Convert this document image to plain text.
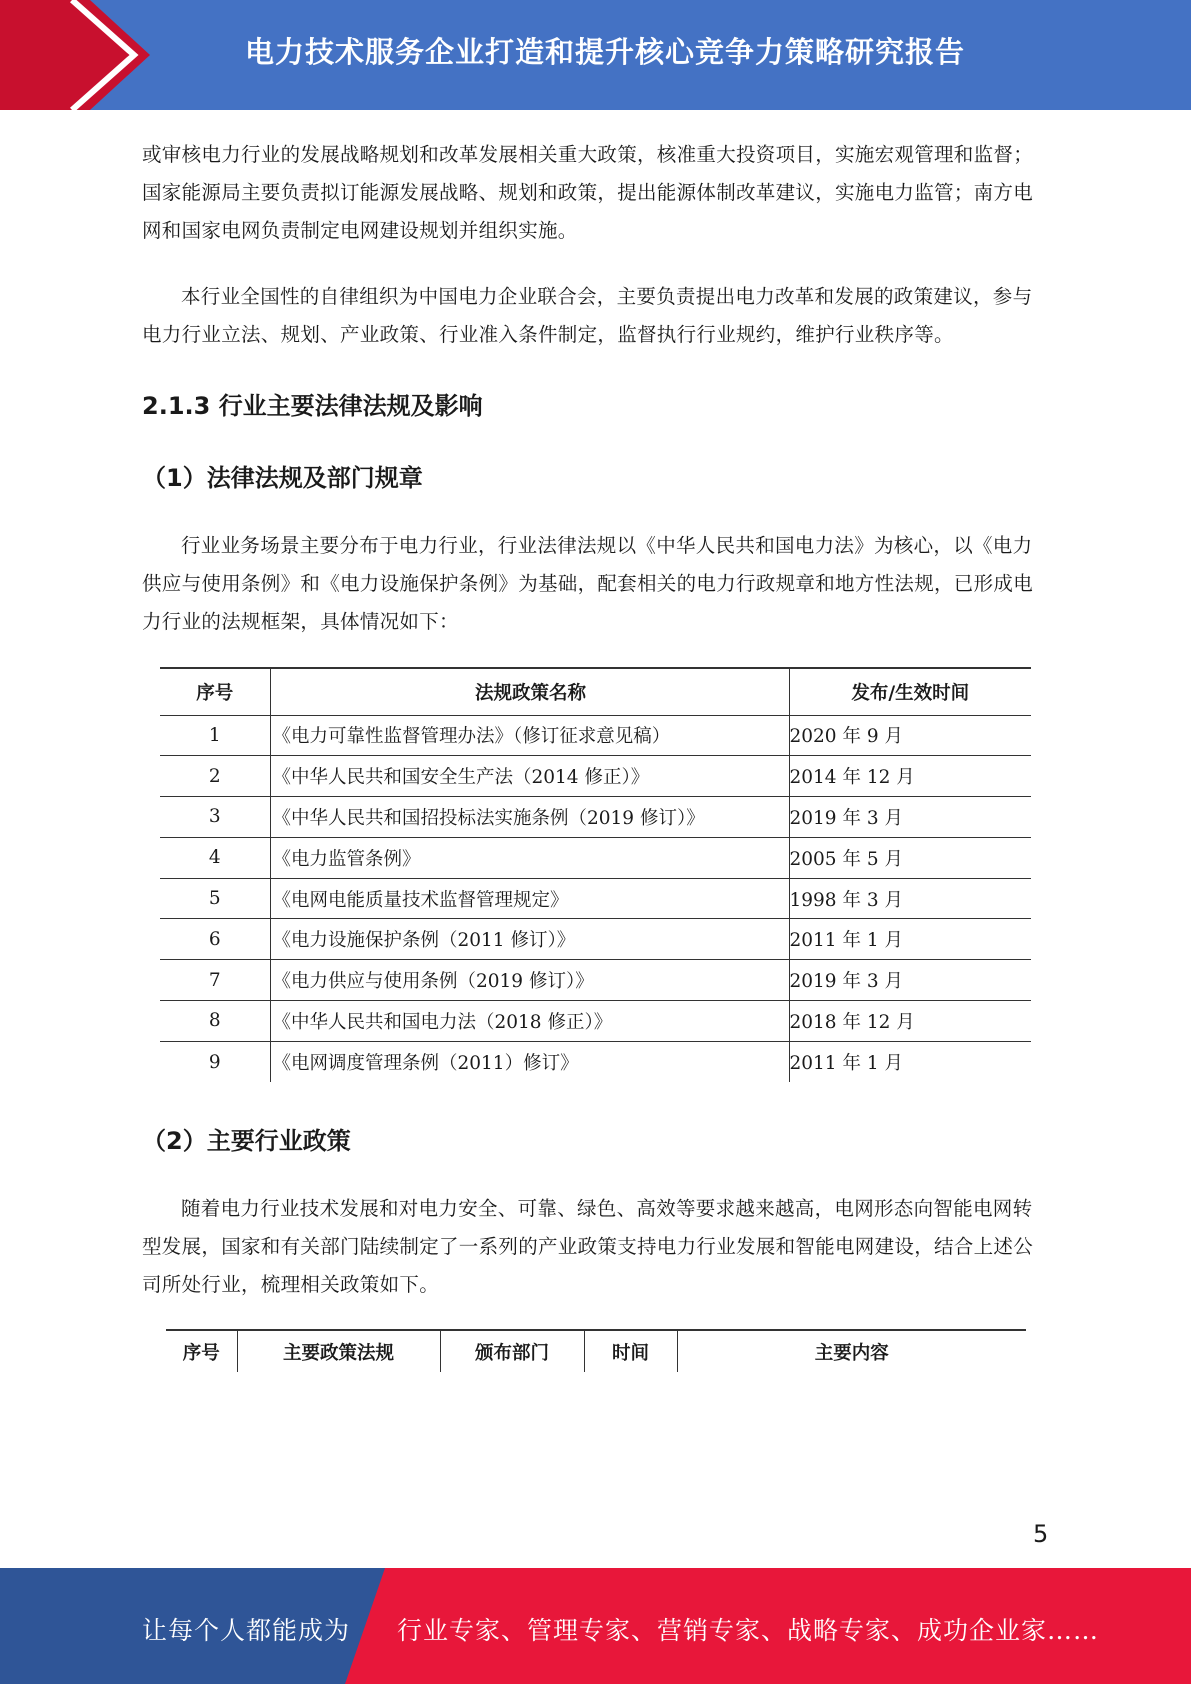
电力技术服务企业打造和提升核心竞争力策略研究报告
或审核电力行业的发展战略规划和改革发展相关重大政策，核准重大投资项目，实施宏观管理和监督；国家能源局主要负责拟订能源发展战略、规划和政策，提出能源体制改革建议，实施电力监管；南方电网和国家电网负责制定电网建设规划并组织实施。
本行业全国性的自律组织为中国电力企业联合会，主要负责提出电力改革和发展的政策建议，参与电力行业立法、规划、产业政策、行业准入条件制定，监督执行行业规约，维护行业秩序等。
2.1.3 行业主要法律法规及影响
（1）法律法规及部门规章
行业业务场景主要分布于电力行业，行业法律法规以《中华人民共和国电力法》为核心，以《电力供应与使用条例》和《电力设施保护条例》为基础，配套相关的电力行政规章和地方性法规，已形成电力行业的法规框架，具体情况如下：
序号	法规政策名称	发布/生效时间
1	《电力可靠性监督管理办法》（修订征求意见稿）	2020 年 9 月
2	《中华人民共和国安全生产法（2014 修正）》	2014 年 12 月
3	《中华人民共和国招投标法实施条例（2019 修订）》	2019 年 3 月
4	《电力监管条例》	2005 年 5 月
5	《电网电能质量技术监督管理规定》	1998 年 3 月
6	《电力设施保护条例（2011 修订）》	2011 年 1 月
7	《电力供应与使用条例（2019 修订）》	2019 年 3 月
8	《中华人民共和国电力法（2018 修正）》	2018 年 12 月
9	《电网调度管理条例（2011）修订》	2011 年 1 月
（2）主要行业政策
随着电力行业技术发展和对电力安全、可靠、绿色、高效等要求越来越高，电网形态向智能电网转型发展，国家和有关部门陆续制定了一系列的产业政策支持电力行业发展和智能电网建设，结合上述公司所处行业，梳理相关政策如下。
序号	主要政策法规	颁布部门	时间	主要内容
5
让每个人都能成为 行业专家、管理专家、营销专家、战略专家、成功企业家……
